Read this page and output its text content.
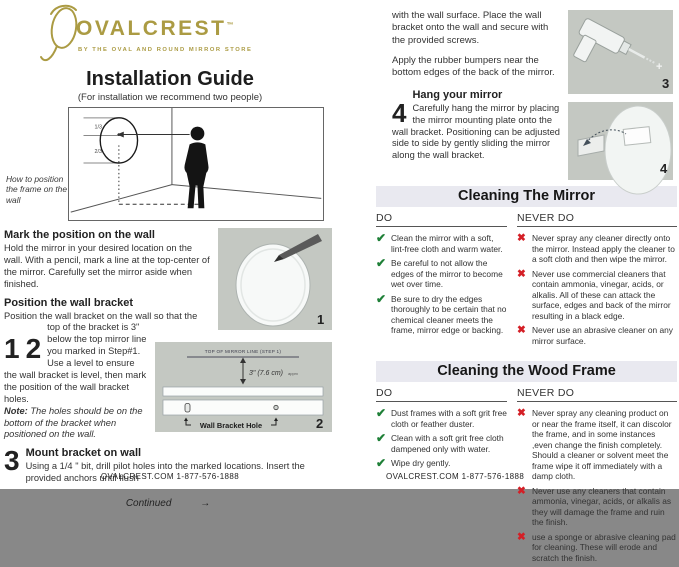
OVALCREST™
BY THE OVAL AND ROUND MIRROR STORE
Installation Guide
(For installation we recommend two people)
How to position the frame on the wall
1/3
2/3
1
TOP OF MIRROR LINE (STEP 1)
3" (7.6 cm) apprx
Wall Bracket Hole	2
1
Mark the position on the wall
Hold the mirror in your desired location on the wall. With a pencil, mark a line at the top-center of the mirror. Carefully set the mirror aside when finished.
2
Position the wall bracket
Position the wall bracket on the wall so that the top of the bracket is 3" below the top mirror line you marked in Step#1. Use a level to ensure the wall bracket is level, then mark the position of the wall bracket holes.
Note: The holes should be on the bottom of the bracket when positioned on the wall.
3 Mount bracket on wall
Using a 1/4 " bit, drill pilot holes into the marked locations. Insert the provided anchors until flush
Continued	→
OVALCREST.COM 1-877-576-1888
+
3
4
with the wall surface. Place the wall bracket onto the wall and secure with the provided screws.
Apply the rubber bumpers near the bottom edges of the back of the mirror.
4
Hang your mirror
Carefully hang the mirror by placing the mirror mounting plate onto the wall bracket. Positioning can be adjusted side to side by gently sliding the mirror along the wall bracket.
Cleaning The Mirror
DO
✔ Clean the mirror with a soft, lint-free cloth and warm water.
✔ Be careful to not allow the edges of the mirror to become wet over time.
✔ Be sure to dry the edges thoroughly to be certain that no chemical cleaner meets the frame, mirror edge or backing.
NEVER DO
✖ Never spray any cleaner directly onto the mirror. Instead apply the cleaner to a soft cloth and then wipe the mirror.
✖ Never use commercial cleaners that contain ammonia, vinegar, acids, or alkalis. All of these can attack the surface, edges and back of the mirror resulting in a black edge.
✖ Never use an abrasive cleaner on any mirror surface.
Cleaning the Wood Frame
DO
✔ Dust frames with a soft grit free cloth or feather duster.
✔ Clean with a soft grit free cloth dampened only with water.
✔ Wipe dry gently.
NEVER DO
✖ Never spray any cleaning product on or near the frame itself, it can discolor the frame, and in some instances ,even change the finish completely. Should a cleaner or solvent meet the frame wipe it off immediately with a damp cloth.
✖ Never use any cleaners that contain ammonia, vinegar, acids, or alkalis as they will damage the frame and ruin the finish.
✖ use a sponge or abrasive cleaning pad for cleaning. These will erode and scratch the finish.
OVALCREST.COM 1-877-576-1888
